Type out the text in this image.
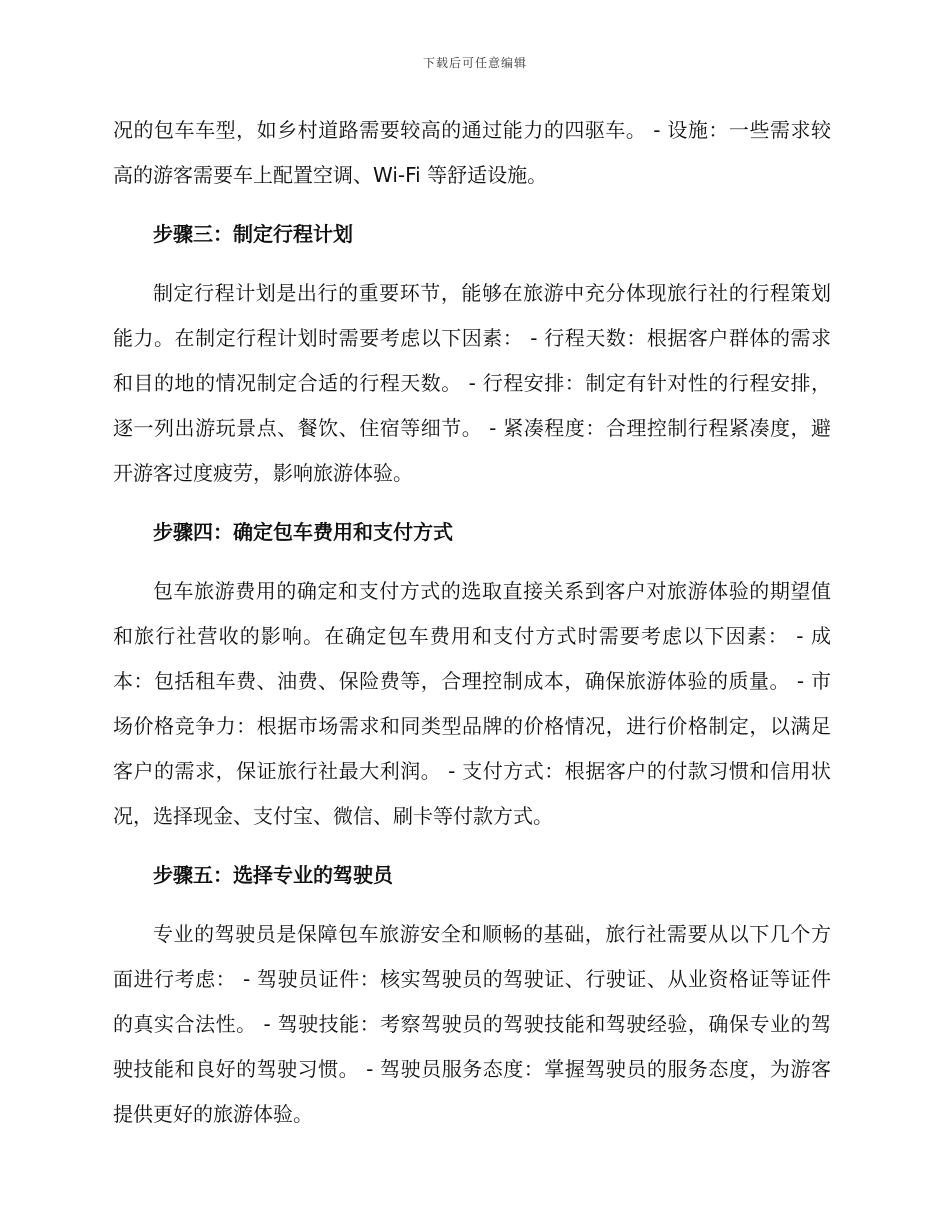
下载后可任意编辑

况的包车车型，如乡村道路需要较高的通过能力的四驱车。 - 设施：一些需求较高的游客需要车上配置空调、Wi-Fi 等舒适设施。

步骤三：制定行程计划

制定行程计划是出行的重要环节，能够在旅游中充分体现旅行社的行程策划能力。在制定行程计划时需要考虑以下因素： - 行程天数：根据客户群体的需求和目的地的情况制定合适的行程天数。 - 行程安排：制定有针对性的行程安排，逐一列出游玩景点、餐饮、住宿等细节。 - 紧凑程度：合理控制行程紧凑度，避开游客过度疲劳，影响旅游体验。

步骤四：确定包车费用和支付方式

包车旅游费用的确定和支付方式的选取直接关系到客户对旅游体验的期望值和旅行社营收的影响。在确定包车费用和支付方式时需要考虑以下因素： - 成本：包括租车费、油费、保险费等，合理控制成本，确保旅游体验的质量。 - 市场价格竞争力：根据市场需求和同类型品牌的价格情况，进行价格制定，以满足客户的需求，保证旅行社最大利润。 - 支付方式：根据客户的付款习惯和信用状况，选择现金、支付宝、微信、刷卡等付款方式。

步骤五：选择专业的驾驶员

专业的驾驶员是保障包车旅游安全和顺畅的基础，旅行社需要从以下几个方面进行考虑： - 驾驶员证件：核实驾驶员的驾驶证、行驶证、从业资格证等证件的真实合法性。 - 驾驶技能：考察驾驶员的驾驶技能和驾驶经验，确保专业的驾驶技能和良好的驾驶习惯。 - 驾驶员服务态度：掌握驾驶员的服务态度，为游客提供更好的旅游体验。
